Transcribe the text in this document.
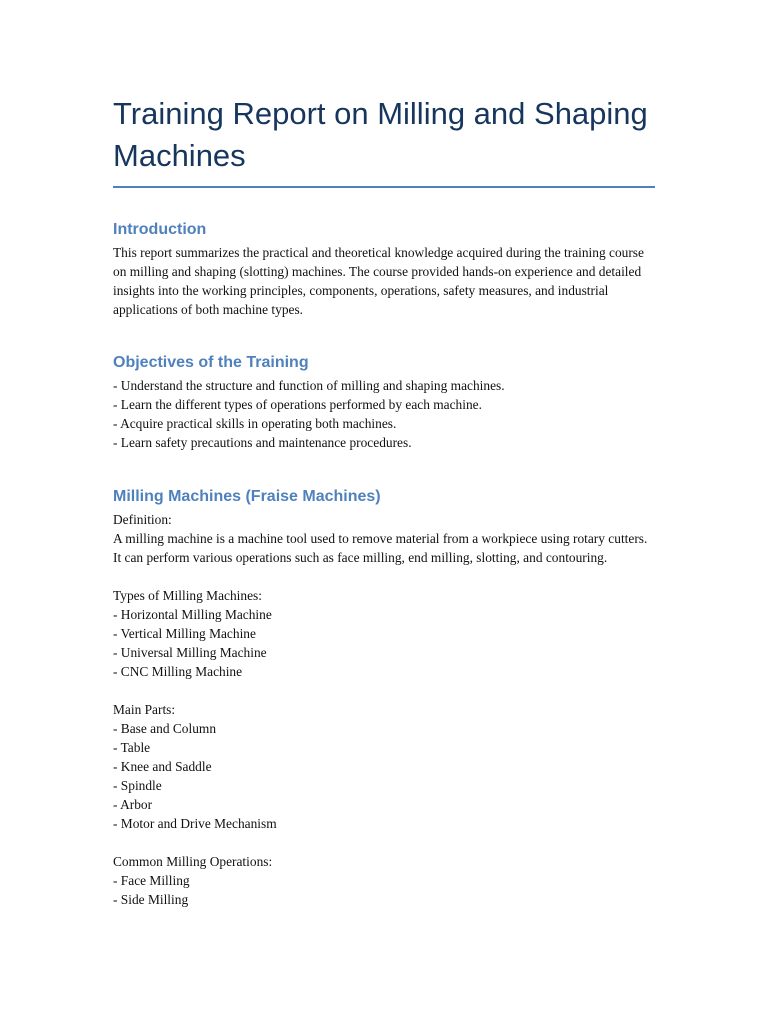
Training Report on Milling and Shaping Machines
Introduction

This report summarizes the practical and theoretical knowledge acquired during the training course on milling and shaping (slotting) machines. The course provided hands-on experience and detailed insights into the working principles, components, operations, safety measures, and industrial applications of both machine types.

Objectives of the Training

- Understand the structure and function of milling and shaping machines.

- Learn the different types of operations performed by each machine.

- Acquire practical skills in operating both machines.

- Learn safety precautions and maintenance procedures.

Milling Machines (Fraise Machines)

Definition:

A milling machine is a machine tool used to remove material from a workpiece using rotary cutters. It can perform various operations such as face milling, end milling, slotting, and contouring.

Types of Milling Machines:

- Horizontal Milling Machine

- Vertical Milling Machine

- Universal Milling Machine

- CNC Milling Machine

Main Parts:

- Base and Column

- Table

- Knee and Saddle

- Spindle

- Arbor

- Motor and Drive Mechanism

Common Milling Operations:

- Face Milling

- Side Milling
